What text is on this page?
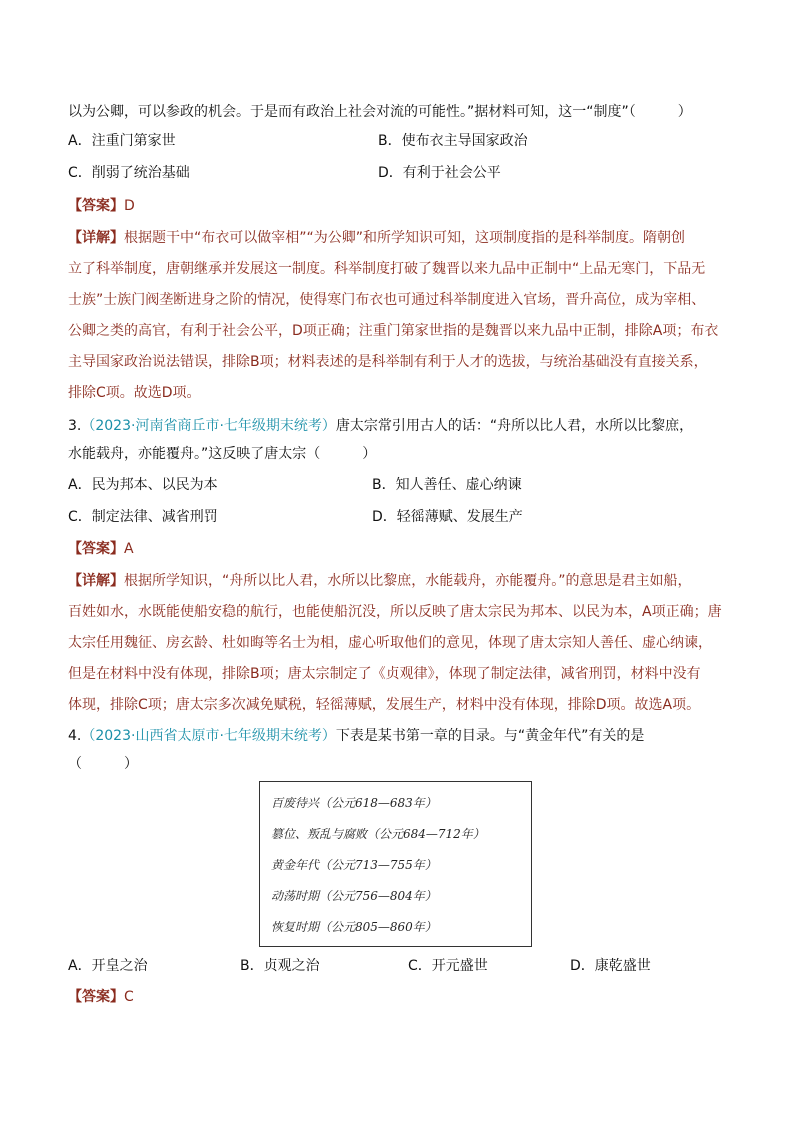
以为公卿，可以参政的机会。于是而有政治上社会对流的可能性。”据材料可知，这一“制度”（　　　）
A．注重门第家世	B．使布衣主导国家政治
C．削弱了统治基础	D．有利于社会公平
【答案】D
【详解】根据题干中“布衣可以做宰相”“为公卿”和所学知识可知，这项制度指的是科举制度。隋朝创
立了科举制度，唐朝继承并发展这一制度。科举制度打破了魏晋以来九品中正制中“上品无寒门，下品无
士族”士族门阀垄断进身之阶的情况，使得寒门布衣也可通过科举制度进入官场，晋升高位，成为宰相、
公卿之类的高官，有利于社会公平，D项正确；注重门第家世指的是魏晋以来九品中正制，排除A项；布衣
主导国家政治说法错误，排除B项；材料表述的是科举制有利于人才的选拔，与统治基础没有直接关系，
排除C项。故选D项。
3.（2023·河南省商丘市·七年级期末统考）唐太宗常引用古人的话：“舟所以比人君，水所以比黎庶，
水能载舟，亦能覆舟。”这反映了唐太宗（　　　）
A．民为邦本、以民为本	B．知人善任、虚心纳谏
C．制定法律、减省刑罚	D．轻徭薄赋、发展生产
【答案】A
【详解】根据所学知识，“舟所以比人君，水所以比黎庶，水能载舟，亦能覆舟。”的意思是君主如船，
百姓如水，水既能使船安稳的航行，也能使船沉没，所以反映了唐太宗民为邦本、以民为本，A项正确；唐
太宗任用魏征、房玄龄、杜如晦等名士为相，虚心听取他们的意见，体现了唐太宗知人善任、虚心纳谏，
但是在材料中没有体现，排除B项；唐太宗制定了《贞观律》，体现了制定法律，减省刑罚，材料中没有
体现，排除C项；唐太宗多次减免赋税，轻徭薄赋，发展生产，材料中没有体现，排除D项。故选A项。
4.（2023·山西省太原市·七年级期末统考）下表是某书第一章的目录。与“黄金年代”有关的是
（　　　）
百废待兴（公元618—683年）
篡位、叛乱与腐败（公元684—712年）
黄金年代（公元713—755年）
动荡时期（公元756—804年）
恢复时期（公元805—860年）
A．开皇之治	B．贞观之治	C．开元盛世	D．康乾盛世
【答案】C
